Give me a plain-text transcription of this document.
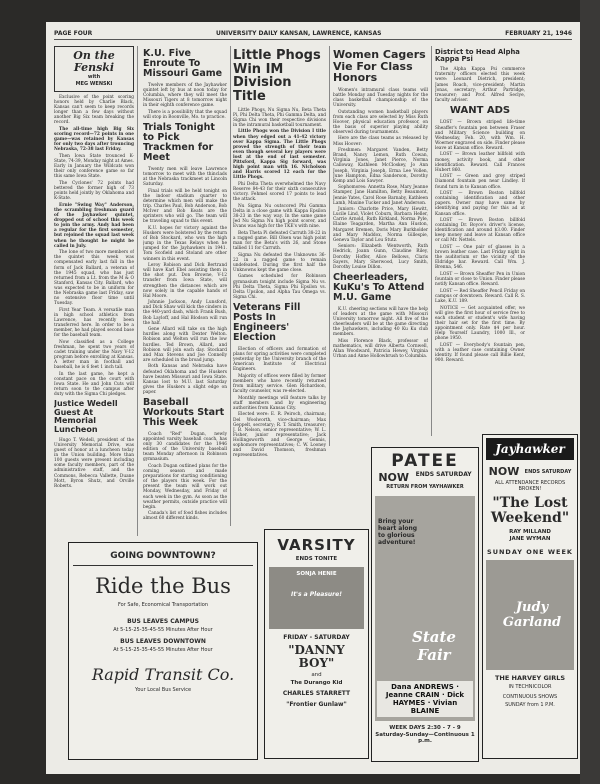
PAGE FOUR	UNIVERSITY DAILY KANSAN, LAWRENCE, KANSAS	FEBRUARY 21, 1946
On the Fenski
with
MEG WENSKI

Exclusive of the point scoring honors held by Charlie Black, Kansas can't seem to keep records longer than a few days without another Big Six team breaking the record.

The all-time high Big Six scoring record—72 points in one game—was retained by Kansas for only two days after trouncing Nebraska, 72-38 last Friday.

Then Iowa State trounced K-State, 74-39, Monday night at Ames. Early in January the Wildcats won their only conference game so far this same Iowa State.

The Cyclones' 72 points had bettered the former high of 73 points held jointly by Oklahoma and K-State.

Ernie "Swing Way" Anderson, the scrambling freshman guard of the Jayhawker quintet, dropped out of school this week to join the army. Andy had been a regular for the first semester, but rejoined the squad last week when he thought he might be called in July.

The lone of two more members of the quintet this week was compensated early last fall in the form of Jack Ballard, a veteran of the 1945 squad, who has just returned from a Lt. from the M & O Stanford, Kansas City. Ballard, who was expected to be in uniform for the Nebraska game last Friday, saw no extensive floor time until Tuesday.

First Year Team. A versatile man in high school athletics from Lawrence, has recently been transferred here. In order to be a member, he had played second base for the baseball team.

Now classified as a College freshman, he spent two years of cadet training under the Navy V-12 program before enrolling at Kansas. A letter man in football and baseball, he is 6 feet 1 inch tall.

In the last game, he kept a constant pace on the court with Iowa State. He and John Cuts will return soon to the campus after duty with the Sigma Chi pledges.

Justice Wedell Guest At Memorial Luncheon

Hugo T. Wedell, president of the University Memorial Drive, was guest of honor at a luncheon today in the Union building. More than 100 guests were present including some faculty members, part of the administrative staff, and the Commons, Rebecca Vallette, Duane Mott, Byron Shutz, and Orville Roberts.

K.U. Five Enroute To Missouri Game

Twelve members of the Jayhawker quintet left by bus at noon today for Columbia, where they will meet the Missouri Tigers at 8 tomorrow night in their eighth conference game.

There is a possibility that the squad will stop in Boonville, Mo. to practice.

Trials Tonight to Pick Trackmen for Meet

Twenty men will leave Lawrence tomorrow to meet with the thinclads at the Nebraska trackmeet at Lincoln Saturday.

Final trials will be held tonight on the indoor stadium quarter to determine which men will make the trip. Charles Paul, Bob Anderson, Bob McIver and Bob Keats are the sprinters who will go. The team will be traveling squad to this event.

K.U. hopes for victory against the Huskers were bolstered by the return of Bob Stockard, who won the high jump in the Texas Relays when he jumped for the Jayhawkers in 1941. Tom Scofield and Stoland are other winners in this event.

Leroy Robison and Dick Bertrand will have Karl Ebel assisting them in the shot put. Don Browne, V-12 transfer from Iowa State, will strengthen the distances which are now solely in the capable hands of Hal Moore.

Johnnie Jackson, Andy Lunsford, and Dick Shaw will kick the cinders in the 440-yard dash, which Frank Bush, Bob Layloff, and Hal Blodson will run the half.

Gene Allard will take on the high hurdles along with Dexter Welton. Robison and Welton will run the low hurdles. Ted Brown, Allard, and Robison will join each day. Stockard and Max Stevens and Joe Connelly are scheduled in the broad jump.

Both Kansas and Nebraska have defeated Oklahoma and the Huskers have beaten Missouri and Iowa State. Kansas lost to M.U. last Saturday gives the Huskers a slight edge on paper.

Baseball Workouts Start This Week

Coach "Red" Dugan, newly appointed varsity baseball coach, has only 30 candidates for the 1946 edition of the University baseball team Monday afternoon in Robinson gymnasium.

Coach Dugan outlined plans for the coming season and made preparations for starting conditioning of the players this week. For the present the team will work out Monday, Wednesday, and Friday of each week in the gym. As soon as the weather permits, outside practice will begin.

Canada's list of food fishes includes almost 60 different kinds.

Little Phogs Win IM Division Title

Little Phogs, Nu Sigma Nu, Beta Theta Pi, Phi Delta Theta, Phi Gamma Delta, and Sigma Chi won their respective divisions in the intramural basketball tournament.

Little Phogs won the Division I title when they edged out a 41-42 victory over Kappa Sigma. The Little Phogs proved the strength of their team even though several key players were lost at the end of last semester. Pittsford, Kappa Sig forward, was high point man with 16. Nicholson and Harris scored 12 each for the Little Phogs.

Phi Delta Theta overwhelmed the Navy Reserve 84-43 for their sixth consecutive victory. Fehmel scored 17 points to lead the attack.

Nu Sigma Nu outscored Phi Gamma Delta in a close game with Kappa Epsilon 38-23 in the way way. In the same game Jed Nu Sigma Nu high point scorer, and Evans was high for the TKE's with nine.

Beta Theta Pi defeated Carruth 38-22 in a ragged game. Bill Olsen was high point man for the Beta's with 26, and Stone tallied 11 for Carruth.

Sigma Nu defeated the Unknowns 36-22 in a ragged game to remain undefeated. During the first half the Unknowns kept the game close.

Games scheduled for Robinson gymnasium tonight include Sigma Nu vs. Phi Delta Theta, Sigma Phi Epsilon vs. Delta Upsilon, and Alpha Tau Omega vs. Sigma Chi.

Veterans Fill Posts In Engineers' Election

Election of officers and formation of plans for spring activities were completed yesterday by the University branch of the American Institute of Electrical Engineers.

Majority of offices were filled by former members who have recently returned from military service. Glen Richardson, faculty counselor, was re-elected.

Monthly meetings will feature talks by staff members and by engineering authorities from Kansas City.

Elected were: E. R. Peiroch, chairman; Del Woolworth, vice-chairman; Max Geppelt, secretary; R. T. Smith, treasurer; J. B. Nelson, senior representative; W. L. Fisher, junior representative; Jack Hollingsworth and George Gennis, sophomore representatives; C. W. Looney and David Thomson, freshman representatives.

Women Cagers Vie For Class Honors

Women's intramural class teams will battle Monday and Tuesday nights for the class basketball championship of the University.

Outstanding women basketball players from each class are selected by Miss Ruth Hoover, physical education professor, on the basis of superior playing ability observed during tournaments.

Here are the class teams as released by Miss Hoover:

Freshmen: Margaret Vanden, Betty Brand, Nancy Lemon, Ruth Cowan, Virginia Jones, Janet Pierce, Norma Calloway, Kathleen McCloskey, Jo Ann Joseph, Virginia Joseph, Erma Lee Vollen, June Hampton, Edna Sanderson, Dorothy Kemp and Lois Sawyer.

Sophomores: Annetta Rose, Mary Jeanne Stamper, Jane Hamilton, Betty Beaumont, Jennie Yates, Carol Rose Barnaby, Kathleen Lamb, Maxine Tucker and Janet Anderson.

Juniors: Charlotte Price, Mary Hewitt, Lucile Lind, Violet Coburn, Barbara Heller, Carrie Arnold, Ruth Kirkland, Norma Pyle, Elaine Teagarden, Martha Ann Huston, Margaret Bremen, Doris Mary Burkholder and Mary Maddox, Norma Gillespie, Geneva Taylor and Lou Stutz.

Seniors: Elizabeth Wentworth, Ruth Hedrick, Joann Gunn, Claudine Riley, Dorothy Hoffer, Alice Bellows, Claris Sayers, Mary Sherwood, Lucy Smith, Dorothy Louise Dillon.

Cheerleaders, KuKu's To Attend M.U. Game

K.U. cheering sections will have the help of leaders at the game with Missouri University tomorrow night. All five of the cheerleaders will be at the game directing the Jayhawkers, including 40 Ku Ku club members.

Miss Florence Black, professor of mathematics, will drive Alberta Cornwell, Allan Woodward, Patricia Hewey, Virginia Urban and Anne Hollowbrush to Columbia.

District to Head Alpha Kappa Psi

The Alpha Kappa Psi commerce fraternity officers elected this week were: Leonard Dietrich, president; James Roach, vice-president; Martin Jonas, secretary; Arthur Partridge, treasurer; and Prof. Alfred Seclye, faculty adviser.

WANT ADS

LOST — Brown striped life-time Sheaffer's fountain pen between Fraser and Military Science building on Wednesday, Feb. 20, with Wm. H. Woerner engraved on side. Finder please leave at Kansan office. Reward.

LOST — Brown leather billfold with money, activity book, and other identification. Reward. Call Frances Hubert 860.

LOST — Green and grey striped Diamond fountain pen near Lindley. If found turn in to Kansan office.

LOST — Brown Boston billfold containing identification and other papers. Owner may have same by identifying and paying for this ad at Kansan office.

LOST — Brown Boston billfold containing Dr. Boyce's driver's license, identification and around $3.00. Finder keep money and leave at Kansan office or call Mr. Nettels.

LOST — One pair of glasses in a brown leather case. Last Friday night in the auditorium or the vicinity of the Eldridge bar. Reward. Call Wm. J. Brenna, 546.

LOST — Brown Sheaffer Pen in Union fountain or close to Union. Finder please notify Kansan office. Reward.

LOST — Red Sheaffer Pencil Friday on campus or downtown. Reward. Call R. S. Lake, K.U. 189.

NOTICE — Get acquainted offer, we will give the first hour of service free to each student or student's wife having their hair set for the first time. By appointment only. Rate $4 per hour. Help Yourself Laundry, 1000 Ill., or phone 1950.

LOST — Everybody's fountain pen, with a leather case containing Owner identity. If found please call Billie Kent, 900. Reward.

GOING DOWNTOWN?
Ride the Bus
For Safe, Economical Transportation
BUS LEAVES CAMPUS
At 5-15-25-35-45-55 Minutes After Hour
BUS LEAVES DOWNTOWN
At 5-15-25-35-45-55 Minutes After Hour
Rapid Transit Co.
Your Local Bus Service
VARSITY
ENDS TONITE
SONJA HENIE
It's a Pleasure!
FRIDAY - SATURDAY
"DANNY BOY"
and
The Durango Kid
CHARLES STARRETT
"Frontier Gunlaw"
PATEE
NOW ENDS SATURDAY
RETURN FROM YAYHAWKER
Bring your heart along to glorious adventure!
State Fair
Dana ANDREWS · Jeanne CRAIN · Dick HAYMES · Vivian BLAINE
WEEK DAYS 2:30 - 7 - 9
Saturday-Sunday—Continuous 1 p.m.
Jayhawker
NOW ENDS SATURDAY
ALL ATTENDANCE RECORDS BROKEN!
"The Lost Weekend"
RAY MILLAND
JANE WYMAN
SUNDAY ONE WEEK
Judy Garland
THE HARVEY GIRLS
IN TECHNICOLOR
CONTINUOUS SHOWS
SUNDAY from 1 P.M.
